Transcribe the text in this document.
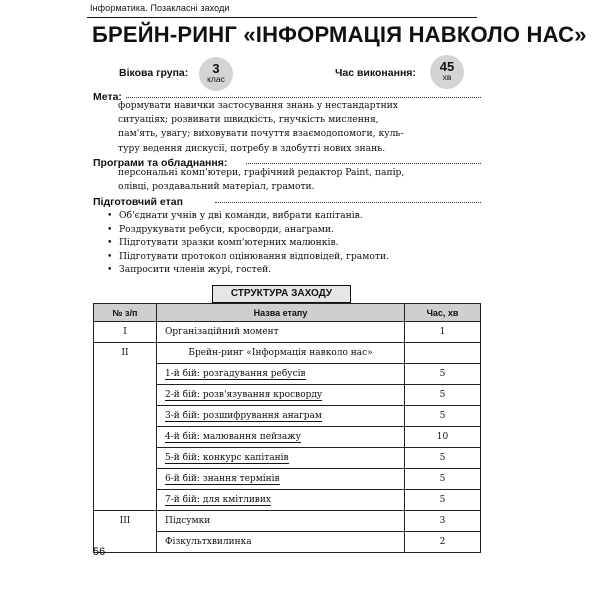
Інформатика. Позакласні заходи
БРЕЙН-РИНГ «ІНФОРМАЦІЯ НАВКОЛО НАС»
Вікова група:	3
клас	Час виконання:	45
хв
Мета:
формувати навички застосування знань у нестандартних
ситуаціях; розвивати швидкість, гнучкість мислення,
пам'ять, увагу; виховувати почуття взаємодопомоги, куль-
туру ведення дискусії, потребу в здобутті нових знань.
Програми та обладнання:
персональні комп'ютери, графічний редактор Paint, папір,
олівці, роздавальний матеріал, грамоти.
Підготовчий етап
• Об'єднати учнів у дві команди, вибрати капітанів.
• Роздрукувати ребуси, кросворди, анаграми.
• Підготувати зразки комп'ютерних малюнків.
• Підготувати протокол оцінювання відповідей, грамоти.
• Запросити членів журі, гостей.
СТРУКТУРА ЗАХОДУ
№ з/п	Назва етапу	Час, хв
I	Організаційний момент	1
II	Брейн-ринг «Інформація навколо нас»	
	1-й бій: розгадування ребусів	5
	2-й бій: розв'язування кросворду	5
	3-й бій: розшифрування анаграм	5
	4-й бій: малювання пейзажу	10
	5-й бій: конкурс капітанів	5
	6-й бій: знання термінів	5
	7-й бій: для кмітливих	5
III	Підсумки	3
	Фізкультхвилинка	2
56
